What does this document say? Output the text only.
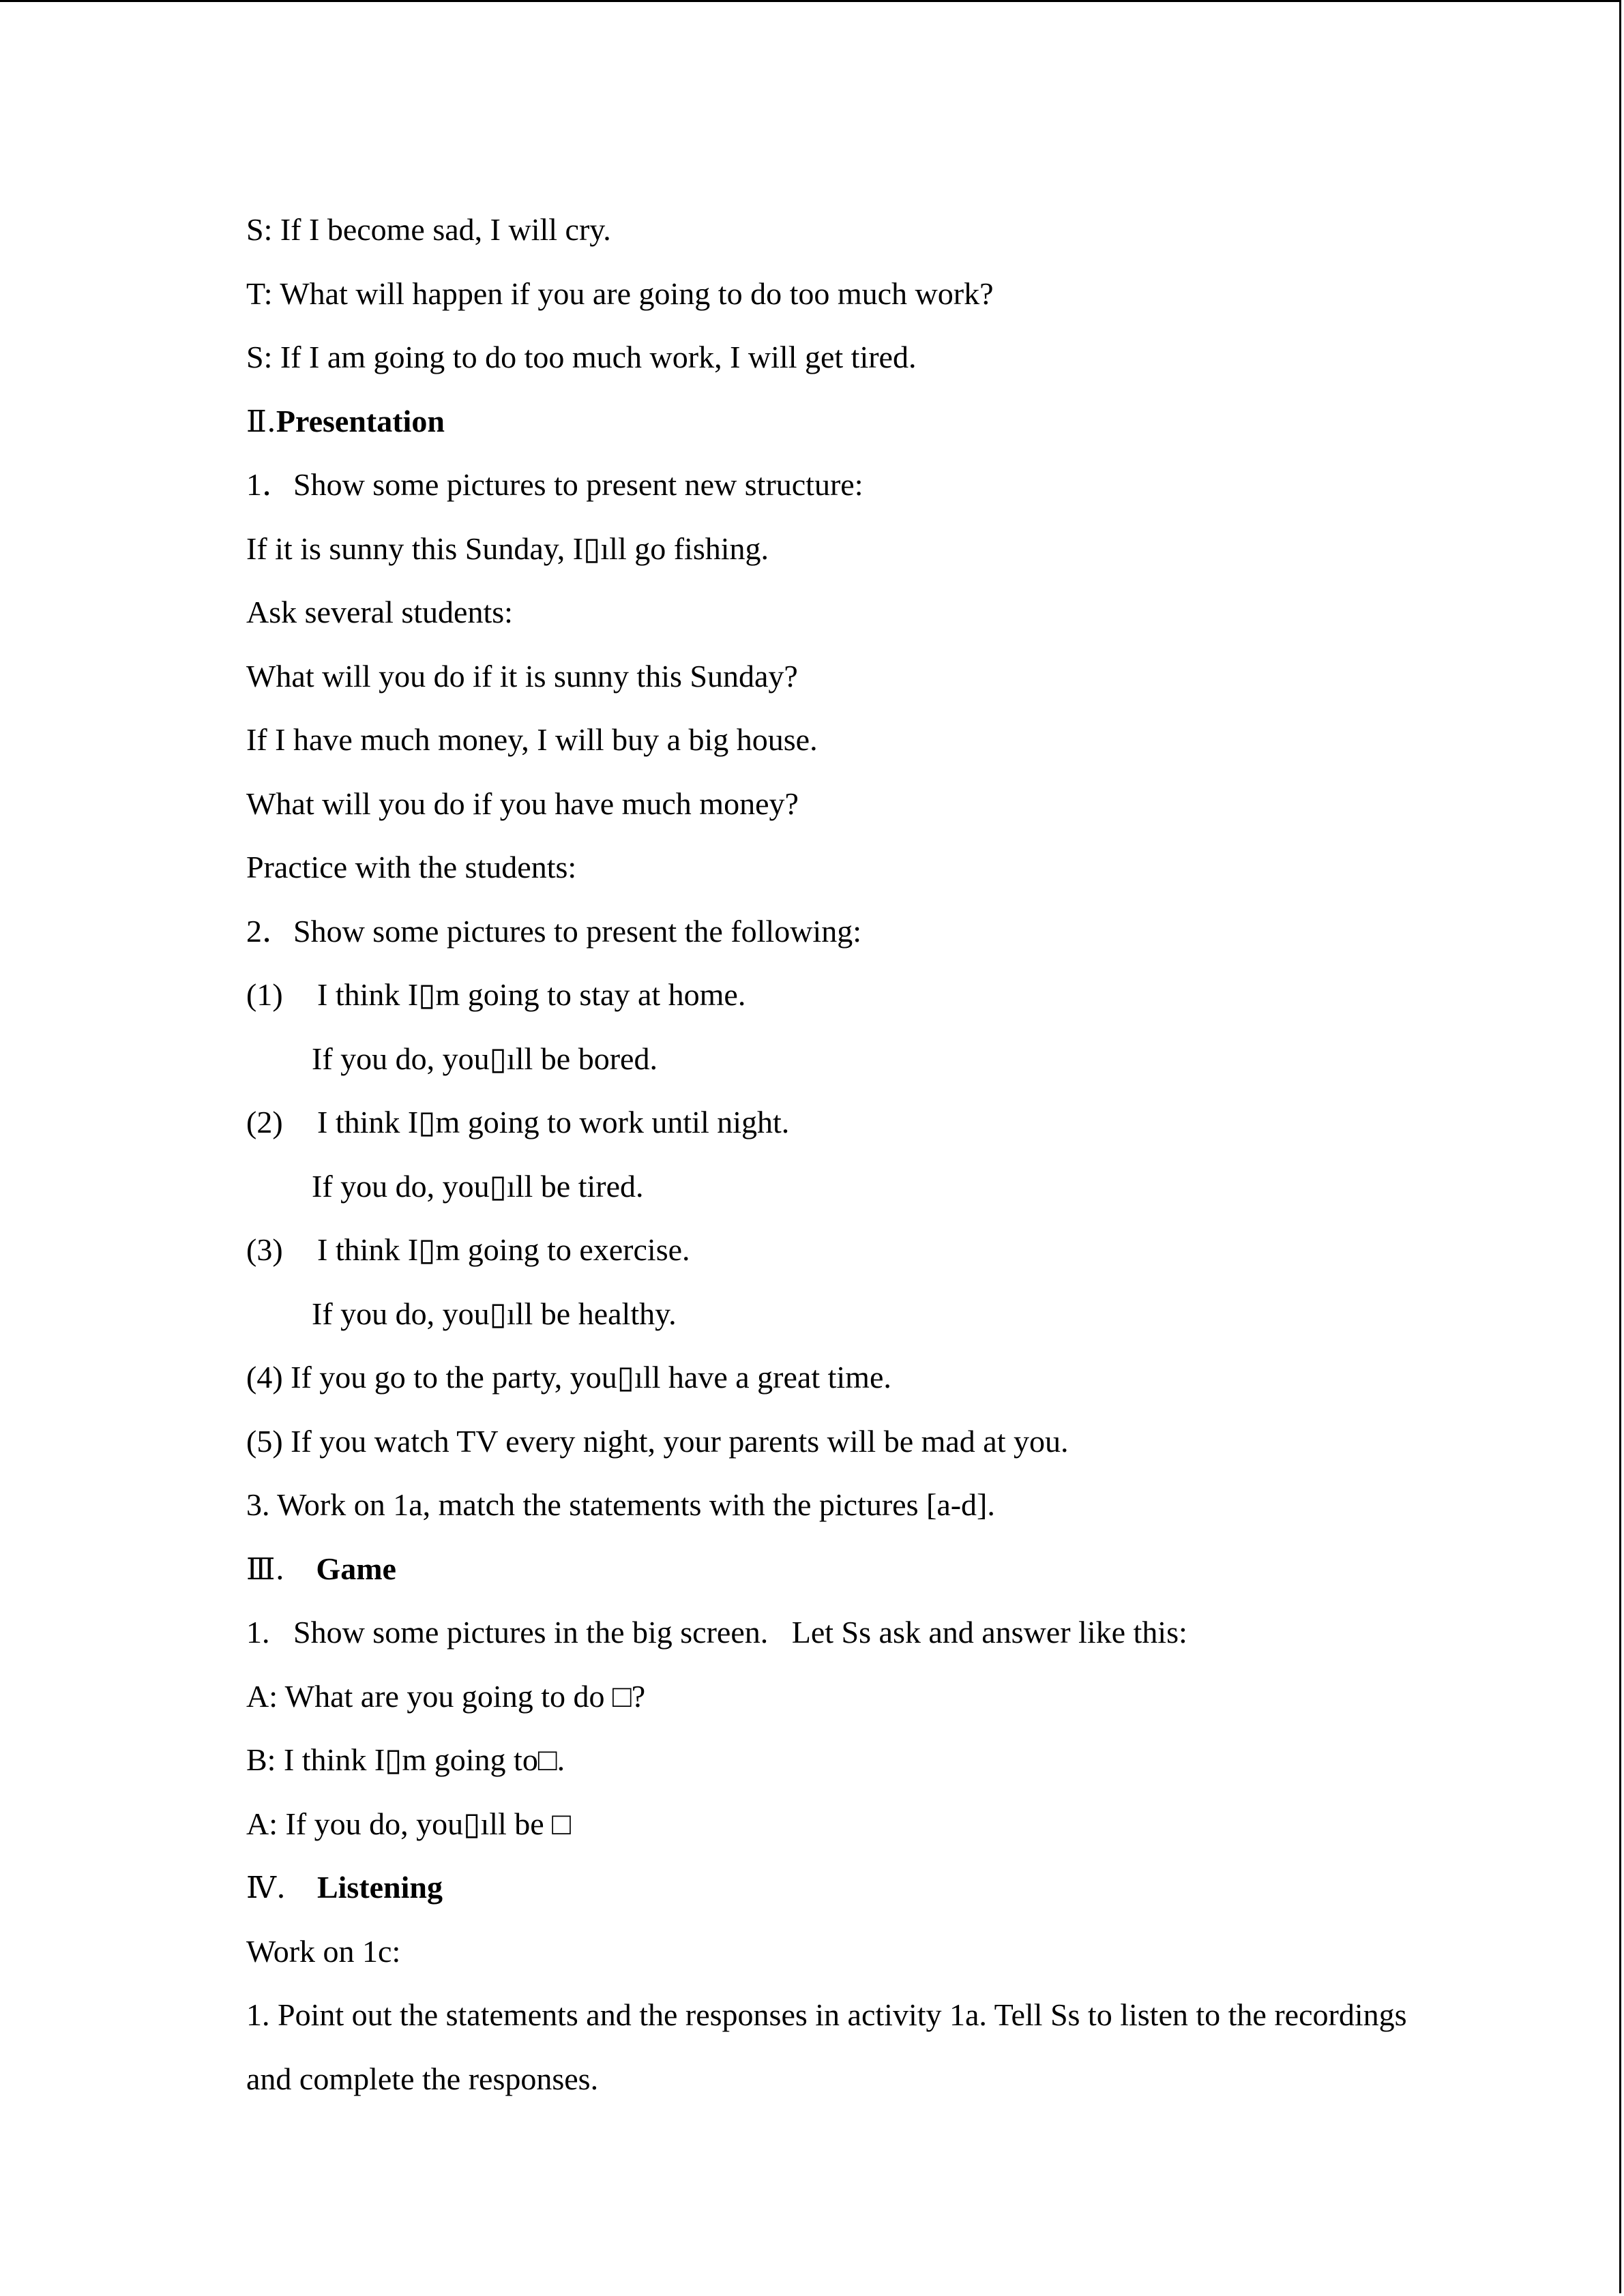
S: If I become sad, I will cry.
T: What will happen if you are going to do too much work?
S: If I am going to do too much work, I will get tired.
Ⅱ.Presentation
1．Show some pictures to present new structure:
If it is sunny this Sunday, I▯ıll go fishing.
Ask several students:
What will you do if it is sunny this Sunday?
If I have much money, I will buy a big house.
What will you do if you have much money?
Practice with the students:
2．Show some pictures to present the following:
(1) I think I▯m going to stay at home.
If you do, you▯ıll be bored.
(2) I think I▯m going to work until night.
If you do, you▯ıll be tired.
(3) I think I▯m going to exercise.
If you do, you▯ıll be healthy.
(4) If you go to the party, you▯ıll have a great time.
(5) If you watch TV every night, your parents will be mad at you.
3. Work on 1a, match the statements with the pictures [a-d].
Ⅲ. Game
1.   Show some pictures in the big screen.   Let Ss ask and answer like this:
A: What are you going to do □?
B: I think I▯m going to□.
A: If you do, you▯ıll be □
Ⅳ. Listening
Work on 1c:
1. Point out the statements and the responses in activity 1a. Tell Ss to listen to the recordings and complete the responses.
